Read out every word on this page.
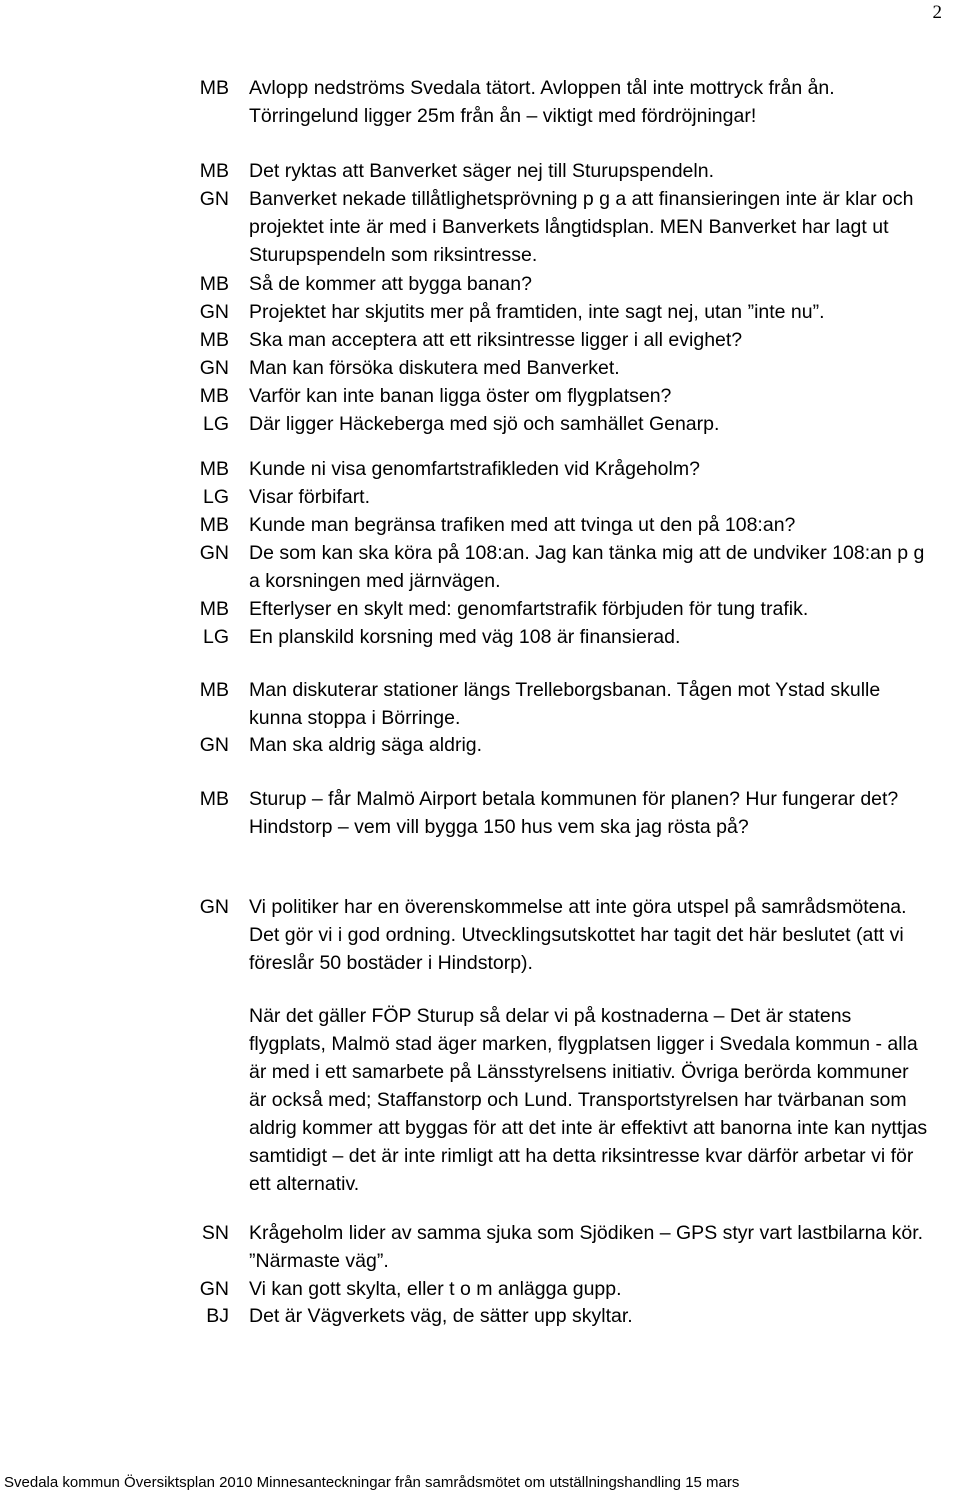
2
MB Avlopp nedströms Svedala tätort. Avloppen tål inte mottryck från ån. Törringelund ligger 25m från ån – viktigt med fördröjningar!
MB Det ryktas att Banverket säger nej till Sturupspendeln.
GN Banverket nekade tillåtlighetsprövning p g a att finansieringen inte är klar och projektet inte är med i Banverkets långtidsplan. MEN Banverket har lagt ut Sturupspendeln som riksintresse.
MB Så de kommer att bygga banan?
GN Projektet har skjutits mer på framtiden, inte sagt nej, utan ”inte nu”.
MB Ska man acceptera att ett riksintresse ligger i all evighet?
GN Man kan försöka diskutera med Banverket.
MB Varför kan inte banan ligga öster om flygplatsen?
LG Där ligger Häckeberga med sjö och samhället Genarp.
MB Kunde ni visa genomfartstrafikleden vid Krågeholm?
LG Visar förbifart.
MB Kunde man begränsa trafiken med att tvinga ut den på 108:an?
GN De som kan ska köra på 108:an. Jag kan tänka mig att de undviker 108:an p g a korsningen med järnvägen.
MB Efterlyser en skylt med: genomfartstrafik förbjuden för tung trafik.
LG En planskild korsning med väg 108 är finansierad.
MB Man diskuterar stationer längs Trelleborgsbanan. Tågen mot Ystad skulle kunna stoppa i Börringe.
GN Man ska aldrig säga aldrig.
MB Sturup – får Malmö Airport betala kommunen för planen? Hur fungerar det? Hindstorp – vem vill bygga 150 hus vem ska jag rösta på?
GN Vi politiker har en överenskommelse att inte göra utspel på samrådsmötena. Det gör vi i god ordning. Utvecklingsutskottet har tagit det här beslutet (att vi föreslår 50 bostäder i Hindstorp).
När det gäller FÖP Sturup så delar vi på kostnaderna – Det är statens flygplats, Malmö stad äger marken, flygplatsen ligger i Svedala kommun - alla är med i ett samarbete på Länsstyrelsens initiativ. Övriga berörda kommuner är också med; Staffanstorp och Lund. Transportstyrelsen har tvärbanan som aldrig kommer att byggas för att det inte är effektivt att banorna inte kan nyttjas samtidigt – det är inte rimligt att ha detta riksintresse kvar därför arbetar vi för ett alternativ.
SN Krågeholm lider av samma sjuka som Sjödiken – GPS styr vart lastbilarna kör. ”Närmaste väg”.
GN Vi kan gott skylta, eller t o m anlägga gupp.
BJ Det är Vägverkets väg, de sätter upp skyltar.
Svedala kommun Översiktsplan 2010 Minnesanteckningar från samrådsmötet om utställningshandling 15 mars
